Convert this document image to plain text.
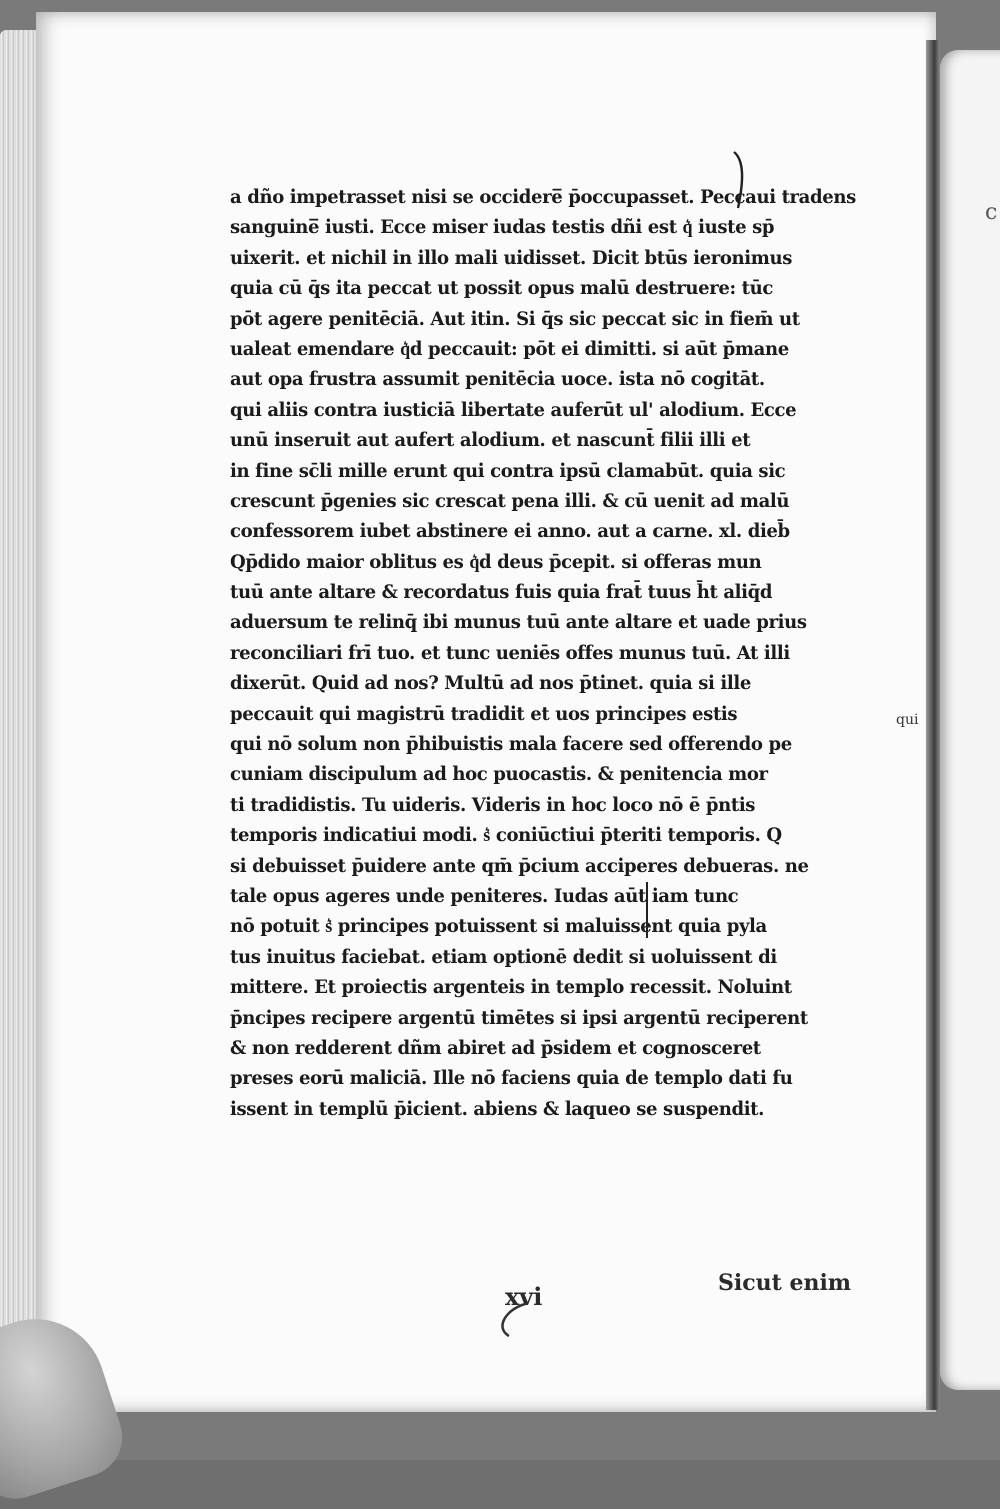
c
a dño impetrasset nisi se occidere̅ p̄occupasset. Peccaui tradens
sanguine̅ iusti. Ecce miser iudas testis dñi est q͛ iuste sp̄
uixerit. et nichil in illo mali uidisset. Dicit btūs ieronimus
quia cū q̄s ita peccat ut possit opus malū destruere: tūc
pōt agere penitēciā. Aut itin. Si q̄s sic peccat sic in fiem̄ ut
ualeat emendare q͛d peccauit: pōt ei dimitti. si aūt p̄mane
aut opa frustra assumit penitēcia uoce. ista nō cogitāt.
qui aliis contra iusticiā libertate auferūt ul' alodium. Ecce
unū inseruit aut aufert alodium. et nascunt̄ filii illi et
in fine sc̄li mille erunt qui contra ipsū clamabūt. quia sic
crescunt p̄genies sic crescat pena illi. & cū uenit ad malū
confessorem iubet abstinere ei anno. aut a carne. xl. dieb̄
Qp̄dido maior oblitus es q͛d deus p̄cepit. si offeras mun
tuū ante altare & recordatus fuis quia frat̄ tuus h̄t aliq̄d
aduersum te relinq̄ ibi munus tuū ante altare et uade prius
reconciliari frī tuo. et tunc ueniēs offes munus tuū. At illi
dixerūt. Quid ad nos? Multū ad nos p̄tinet. quia si ille
peccauit qui magistrū tradidit et uos principes estis
qui nō solum non p̄hibuistis mala facere sed offerendo pe
cuniam discipulum ad hoc puocastis. & penitencia mor
ti tradidistis. Tu uideris. Videris in hoc loco nō ē p̄ntis
temporis indicatiui modi. s͛ coniūctiui p̄teriti temporis. Q
si debuisset p̄uidere ante qm̄ p̄cium acciperes debueras. ne
tale opus ageres unde peniteres. Iudas aūt iam tunc
nō potuit s͛ principes potuissent si maluissent quia pyla
tus inuitus faciebat. etiam optionē dedit si uoluissent di
mittere. Et proiectis argenteis in templo recessit. Noluint
p̄ncipes recipere argentū timētes si ipsi argentū reciperent
& non redderent dñm abiret ad p̄sidem et cognosceret
preses eorū maliciā. Ille nō faciens quia de templo dati fu
issent in templū p̄icient. abiens & laqueo se suspendit.
qui
xvi	Sicut enim
